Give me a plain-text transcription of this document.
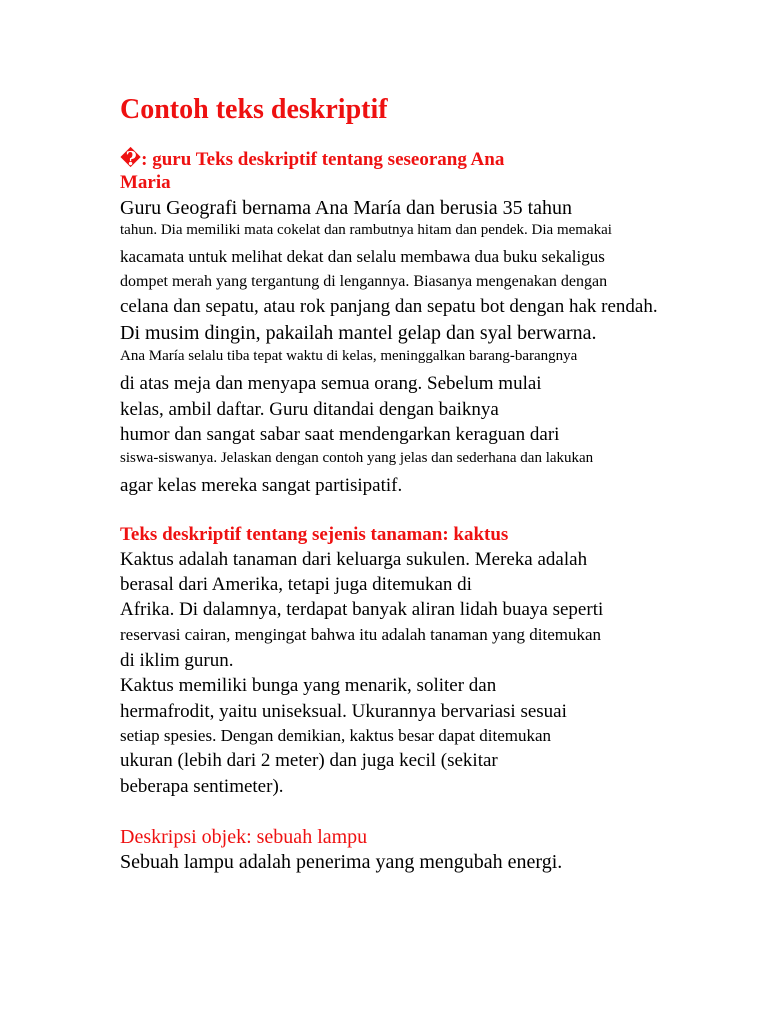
Contoh teks deskriptif
�: guru Teks deskriptif tentang seseorang Ana
Maria
Guru Geografi bernama Ana María dan berusia 35 tahun
tahun. Dia memiliki mata cokelat dan rambutnya hitam dan pendek. Dia memakai
kacamata untuk melihat dekat dan selalu membawa dua buku sekaligus
dompet merah yang tergantung di lengannya. Biasanya mengenakan dengan
celana dan sepatu, atau rok panjang dan sepatu bot dengan hak rendah.
Di musim dingin, pakailah mantel gelap dan syal berwarna.
Ana María selalu tiba tepat waktu di kelas, meninggalkan barang-barangnya
di atas meja dan menyapa semua orang. Sebelum mulai
kelas, ambil daftar. Guru ditandai dengan baiknya
humor dan sangat sabar saat mendengarkan keraguan dari
siswa-siswanya. Jelaskan dengan contoh yang jelas dan sederhana dan lakukan
agar kelas mereka sangat partisipatif.
Teks deskriptif tentang sejenis tanaman: kaktus
Kaktus adalah tanaman dari keluarga sukulen. Mereka adalah
berasal dari Amerika, tetapi juga ditemukan di
Afrika. Di dalamnya, terdapat banyak aliran lidah buaya seperti
reservasi cairan, mengingat bahwa itu adalah tanaman yang ditemukan
di iklim gurun.
Kaktus memiliki bunga yang menarik, soliter dan
hermafrodit, yaitu uniseksual. Ukurannya bervariasi sesuai
setiap spesies. Dengan demikian, kaktus besar dapat ditemukan
ukuran (lebih dari 2 meter) dan juga kecil (sekitar
beberapa sentimeter).
Deskripsi objek: sebuah lampu
Sebuah lampu adalah penerima yang mengubah energi.
